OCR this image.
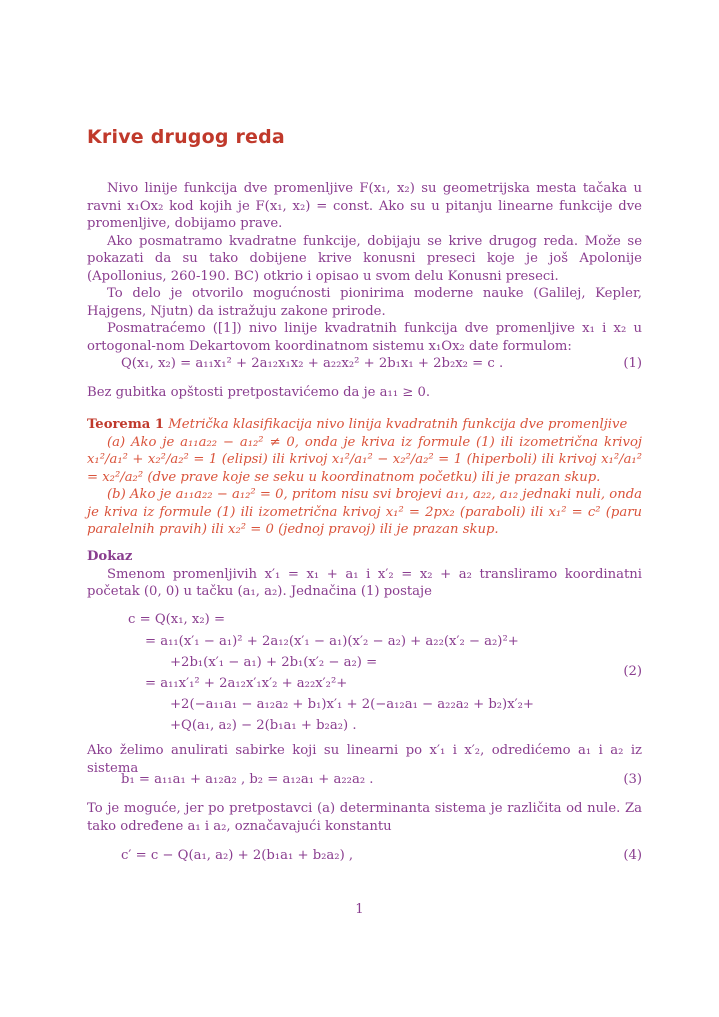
Krive drugog reda

Nivo linije funkcija dve promenljive F(x₁, x₂) su geometrijska mesta tačaka u ravni x₁Ox₂ kod kojih je F(x₁, x₂) = const. Ako su u pitanju linearne funkcije dve promenljive, dobijamo prave.

Ako posmatramo kvadratne funkcije, dobijaju se krive drugog reda. Može se pokazati da su tako dobijene krive konusni preseci koje je još Apolonije (Apollonius, 260-190. BC) otkrio i opisao u svom delu Konusni preseci.

To delo je otvorilo mogućnosti pionirima moderne nauke (Galilej, Kepler, Hajgens, Njutn) da istražuju zakone prirode.

Posmatraćemo ([1]) nivo linije kvadratnih funkcija dve promenljive x₁ i x₂ u ortogonal-nom Dekartovom koordinatnom sistemu x₁Ox₂ date formulom:

Q(x₁, x₂) = a₁₁x₁² + 2a₁₂x₁x₂ + a₂₂x₂² + 2b₁x₁ + 2b₂x₂ = c .	(1)

Bez gubitka opštosti pretpostavićemo da je a₁₁ ≥ 0.

Teorema 1 Metrička klasifikacija nivo linija kvadratnih funkcija dve promenljive

(a) Ako je a₁₁a₂₂ − a₁₂² ≠ 0, onda je kriva iz formule (1) ili izometrična krivoj x₁²/a₁² + x₂²/a₂² = 1 (elipsi) ili krivoj x₁²/a₁² − x₂²/a₂² = 1 (hiperboli) ili krivoj x₁²/a₁² = x₂²/a₂² (dve prave koje se seku u koordinatnom početku) ili je prazan skup.

(b) Ako je a₁₁a₂₂ − a₁₂² = 0, pritom nisu svi brojevi a₁₁, a₂₂, a₁₂ jednaki nuli, onda je kriva iz formule (1) ili izometrična krivoj x₁² = 2px₂ (paraboli) ili x₁² = c² (paru paralelnih pravih) ili x₂² = 0 (jednoj pravoj) ili je prazan skup.

Dokaz

Smenom promenljivih x′₁ = x₁ + a₁ i x′₂ = x₂ + a₂ transliramo koordinatni početak (0, 0) u tačku (a₁, a₂). Jednačina (1) postaje

c = Q(x₁, x₂) =
= a₁₁(x′₁ − a₁)² + 2a₁₂(x′₁ − a₁)(x′₂ − a₂) + a₂₂(x′₂ − a₂)²+
+2b₁(x′₁ − a₁) + 2b₁(x′₂ − a₂) =
= a₁₁x′₁² + 2a₁₂x′₁x′₂ + a₂₂x′₂²+
+2(−a₁₁a₁ − a₁₂a₂ + b₁)x′₁ + 2(−a₁₂a₁ − a₂₂a₂ + b₂)x′₂+
+Q(a₁, a₂) − 2(b₁a₁ + b₂a₂) .
(2)

Ako želimo anulirati sabirke koji su linearni po x′₁ i x′₂, odredićemo a₁ i a₂ iz sistema

b₁ = a₁₁a₁ + a₁₂a₂ , b₂ = a₁₂a₁ + a₂₂a₂ .	(3)

To je moguće, jer po pretpostavci (a) determinanta sistema je različita od nule. Za tako određene a₁ i a₂, označavajući konstantu

c′ = c − Q(a₁, a₂) + 2(b₁a₁ + b₂a₂) ,	(4)
1
